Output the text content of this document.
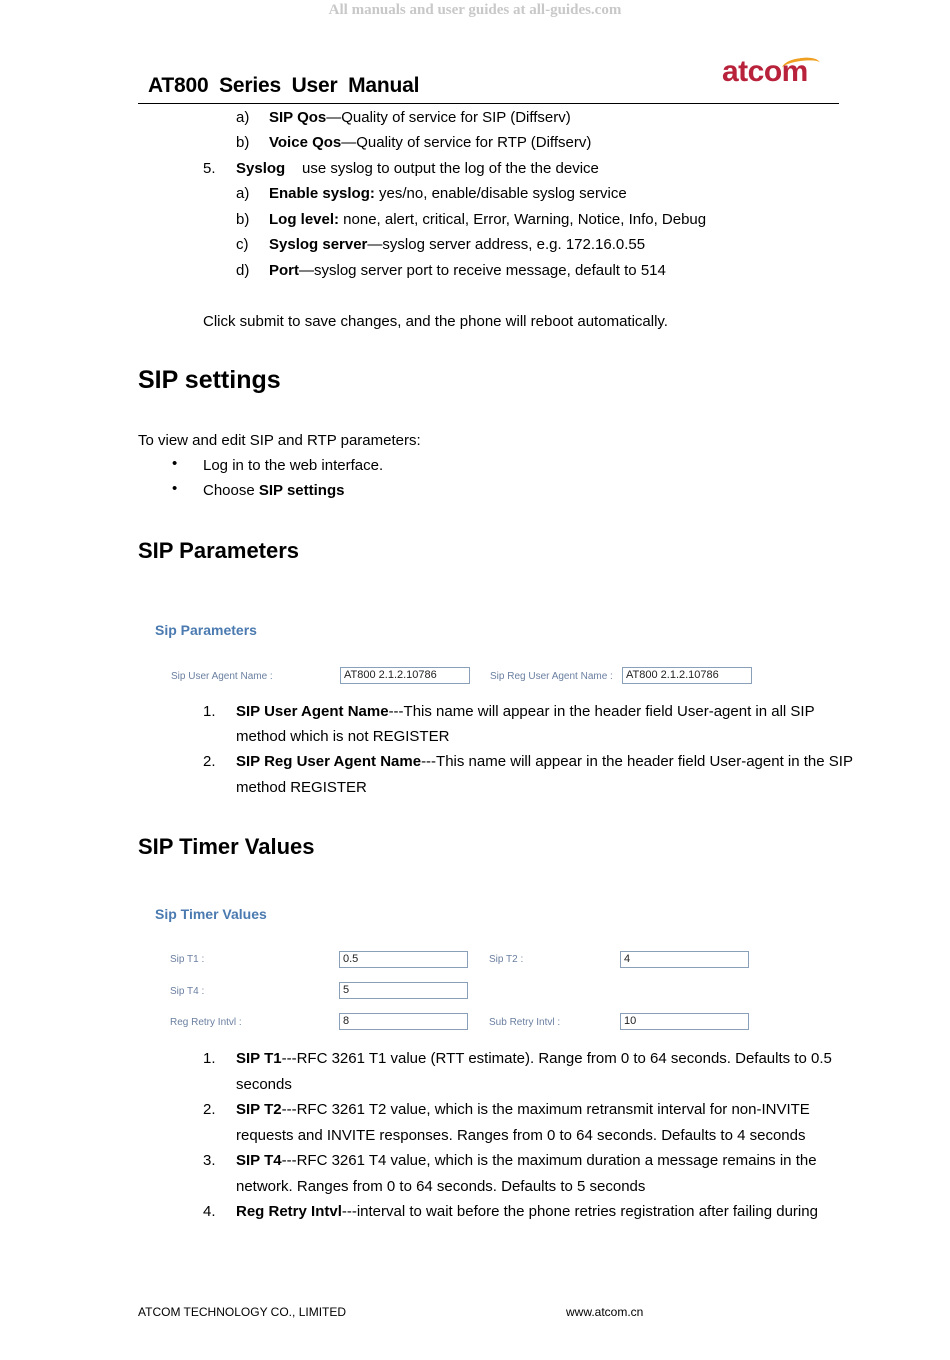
All manuals and user guides at all-guides.com
AT800 Series User Manual	atcom
a) SIP Qos—Quality of service for SIP (Diffserv)
b) Voice Qos—Quality of service for RTP (Diffserv)
5. Syslog use syslog to output the log of the the device
a) Enable syslog: yes/no, enable/disable syslog service
b) Log level: none, alert, critical, Error, Warning, Notice, Info, Debug
c) Syslog server—syslog server address, e.g. 172.16.0.55
d) Port—syslog server port to receive message, default to 514
Click submit to save changes, and the phone will reboot automatically.
SIP settings
To view and edit SIP and RTP parameters:
• Log in to the web interface.
• Choose SIP settings
SIP Parameters
Sip Parameters
Sip User Agent Name :	AT800 2.1.2.10786	Sip Reg User Agent Name :	AT800 2.1.2.10786
1. SIP User Agent Name---This name will appear in the header field User-agent in all SIP
method which is not REGISTER
2. SIP Reg User Agent Name---This name will appear in the header field User-agent in the SIP
method REGISTER
SIP Timer Values
Sip Timer Values
Sip T1 :	0.5	Sip T2 :	4
Sip T4 :	5
Reg Retry Intvl :	8	Sub Retry Intvl :	10
1. SIP T1---RFC 3261 T1 value (RTT estimate). Range from 0 to 64 seconds. Defaults to 0.5
seconds
2. SIP T2---RFC 3261 T2 value, which is the maximum retransmit interval for non-INVITE
requests and INVITE responses. Ranges from 0 to 64 seconds. Defaults to 4 seconds
3. SIP T4---RFC 3261 T4 value, which is the maximum duration a message remains in the
network. Ranges from 0 to 64 seconds. Defaults to 5 seconds
4. Reg Retry Intvl---interval to wait before the phone retries registration after failing during
ATCOM TECHNOLOGY CO., LIMITED	www.atcom.cn
